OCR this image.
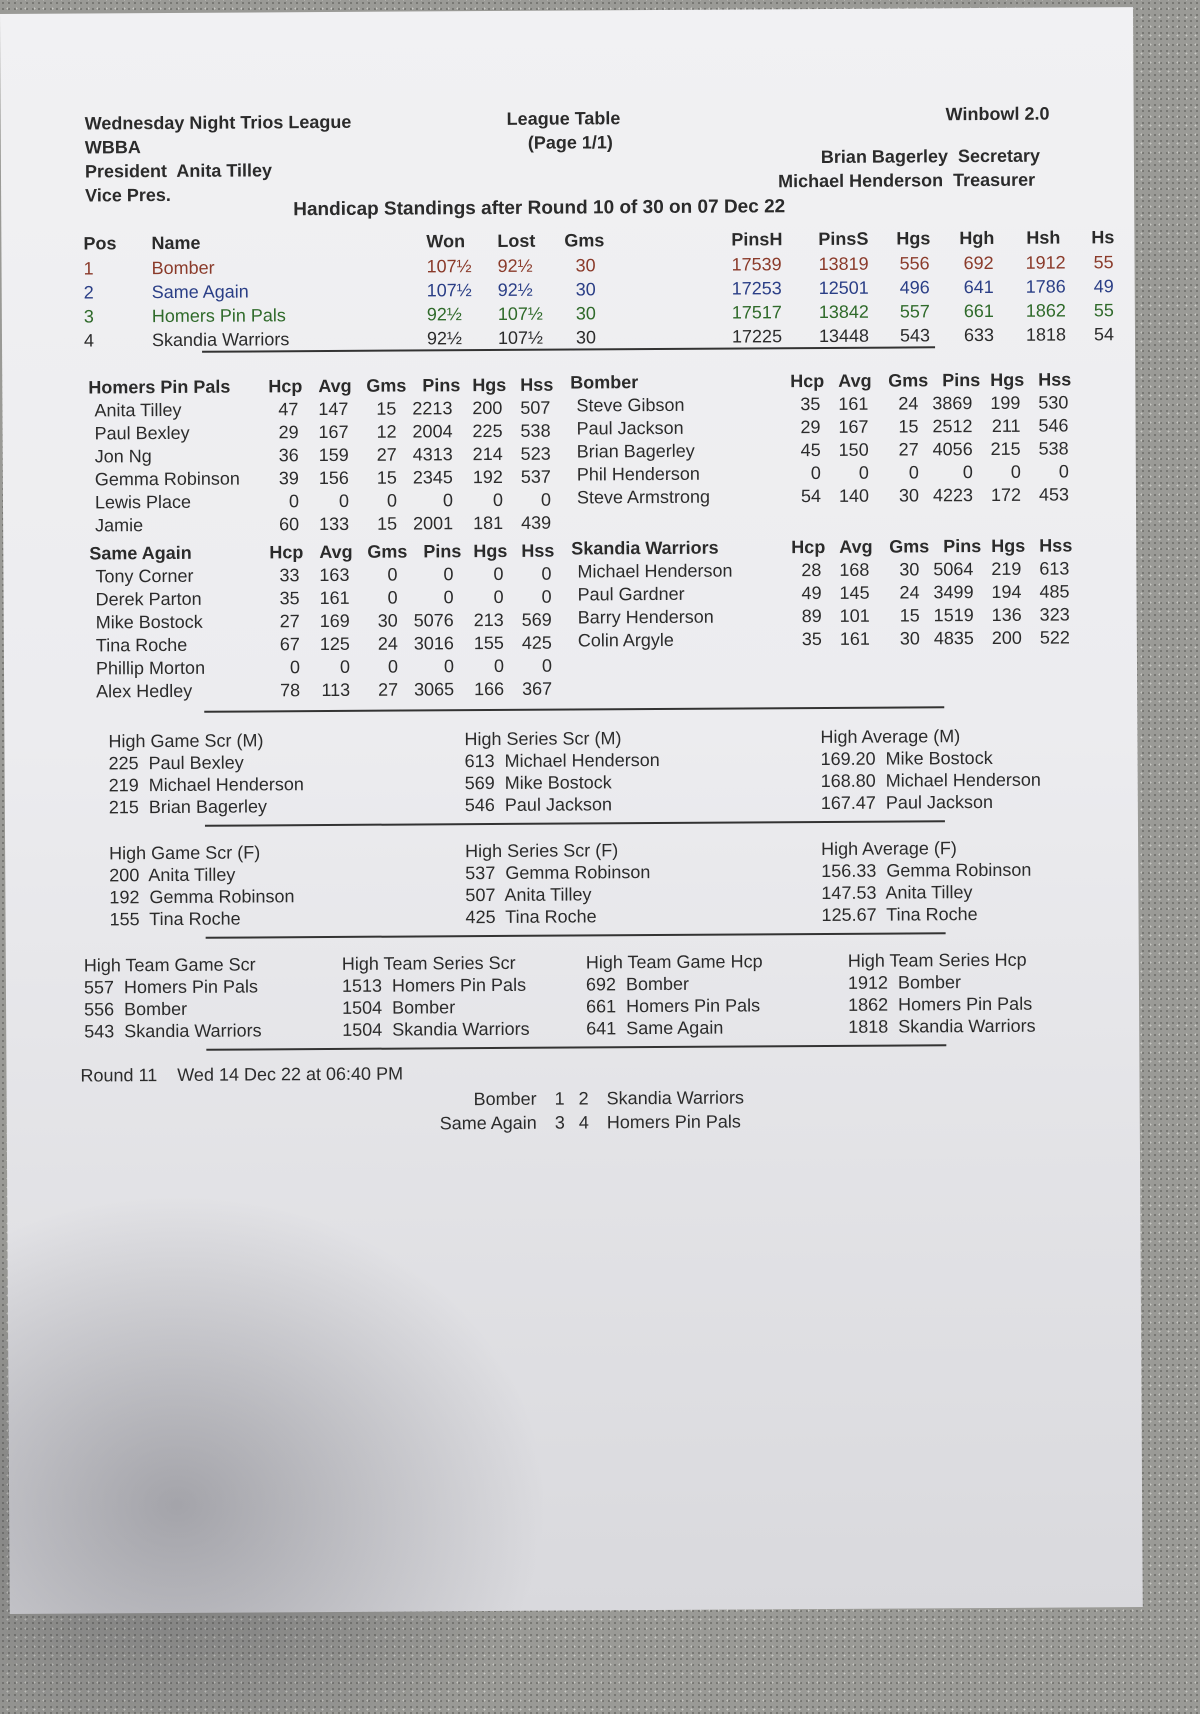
Wednesday Night Trios League
WBBA
President Anita Tilley
Vice Pres.
League Table
(Page 1/1)
Winbowl 2.0
Brian Bagerley Secretary
Michael Henderson Treasurer
Handicap Standings after Round 10 of 30 on 07 Dec 22
Pos Name	Won Lost Gms	PinsH PinsS Hgs Hgh Hsh Hs
1	Bomber	107½ 92½ 30	17539 13819 556 692 1912 55
2	Same Again	107½ 92½ 30	17253 12501 496 641 1786 49
3	Homers Pin Pals	92½ 107½ 30	17517 13842 557 661 1862 55
4	Skandia Warriors	92½ 107½ 30	17225 13448 543 633 1818 54
Homers Pin Pals Hcp Avg Gms Pins Hgs Hss
Anita Tilley	47	147	15 2213	200 507
Paul Bexley	29	167	12 2004	225 538
Jon Ng	36	159	27 4313	214 523
Gemma Robinson	39	156	15 2345	192 537
Lewis Place	0	0	0	0	0	0
Jamie	60	133	15 2001	181 439
Bomber	Hcp Avg Gms Pins Hgs Hss
Steve Gibson	35 161	24 3869 199 530
Paul Jackson	29 167	15 2512	211 546
Brian Bagerley	45 150	27 4056 215 538
Phil Henderson	0	0	0	0	0	0
Steve Armstrong	54 140	30 4223 172 453
Same Again	Hcp Avg Gms Pins Hgs Hss
Tony Corner	33	163	0	0	0	0
Derek Parton	35	161	0	0	0	0
Mike Bostock	27	169	30 5076	213 569
Tina Roche	67	125	24 3016	155 425
Phillip Morton	0	0	0	0	0	0
Alex Hedley	78	113	27 3065	166 367
Skandia Warriors	Hcp Avg Gms Pins Hgs Hss
Michael Henderson	28 168	30 5064 219 613
Paul Gardner	49 145	24 3499 194 485
Barry Henderson	89 101	15 1519 136 323
Colin Argyle	35 161	30 4835 200 522
High Game Scr (M)
225  Paul Bexley
219  Michael Henderson
215  Brian Bagerley
High Series Scr (M)
613  Michael Henderson
569  Mike Bostock
546  Paul Jackson
High Average (M)
169.20  Mike Bostock
168.80  Michael Henderson
167.47  Paul Jackson
High Game Scr (F)
200  Anita Tilley
192  Gemma Robinson
155  Tina Roche
High Series Scr (F)
537  Gemma Robinson
507  Anita Tilley
425  Tina Roche
High Average (F)
156.33  Gemma Robinson
147.53  Anita Tilley
125.67  Tina Roche
High Team Game Scr
557  Homers Pin Pals
556  Bomber
543  Skandia Warriors
High Team Series Scr
1513  Homers Pin Pals
1504  Bomber
1504  Skandia Warriors
High Team Game Hcp
692  Bomber
661  Homers Pin Pals
641  Same Again
High Team Series Hcp
1912  Bomber
1862  Homers Pin Pals
1818  Skandia Warriors
Round 11 Wed 14 Dec 22 at 06:40 PM
Bomber 1 2 Skandia Warriors
Same Again 3 4 Homers Pin Pals
